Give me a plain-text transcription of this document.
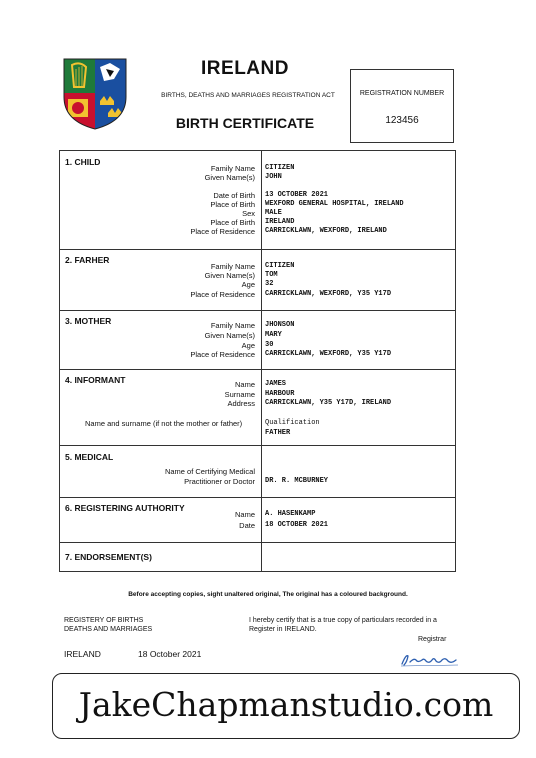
IRELAND
BIRTHS, DEATHS AND MARRIAGES REGISTRATION ACT
BIRTH CERTIFICATE
REGISTRATION NUMBER
123456
1. CHILD
Family Name CITIZEN
Given Name(s) JOHN
Date of Birth 13 OCTOBER 2021
Place of Birth WEXFORD GENERAL HOSPITAL, IRELAND
Sex MALE
Place of Birth IRELAND
Place of Residence CARRICKLAWN, WEXFORD, IRELAND
2. FARHER
Family Name CITIZEN
Given Name(s) TOM
Age 32
Place of Residence CARRICKLAWN, WEXFORD, Y35 Y17D
3. MOTHER	Family Name JHONSON
Given Name(s) MARY
Age 30
Place of Residence CARRICKLAWN, WEXFORD, Y35 Y17D
4. INFORMANT	Name JAMES
Surname HARBOUR
Address CARRICKLAWN, Y35 Y17D, IRELAND
Name and surname (if not the mother or father)	Qualification
FATHER
5. MEDICAL
Name of Certifying Medical
Practitioner or Doctor DR. R. MCBURNEY
6. REGISTERING AUTHORITY
Name A. HASENKAMP
Date 18 OCTOBER 2021
7. ENDORSEMENT(S)
Before accepting copies, sight unaltered original, The original has a coloured background.
REGISTERY OF BIRTHS
DEATHS AND MARRIAGES
I hereby certify that is a true copy of particulars recorded in a
Register in IRELAND.
Registrar
IRELAND	18 October 2021
JakeChapmanstudio.com
